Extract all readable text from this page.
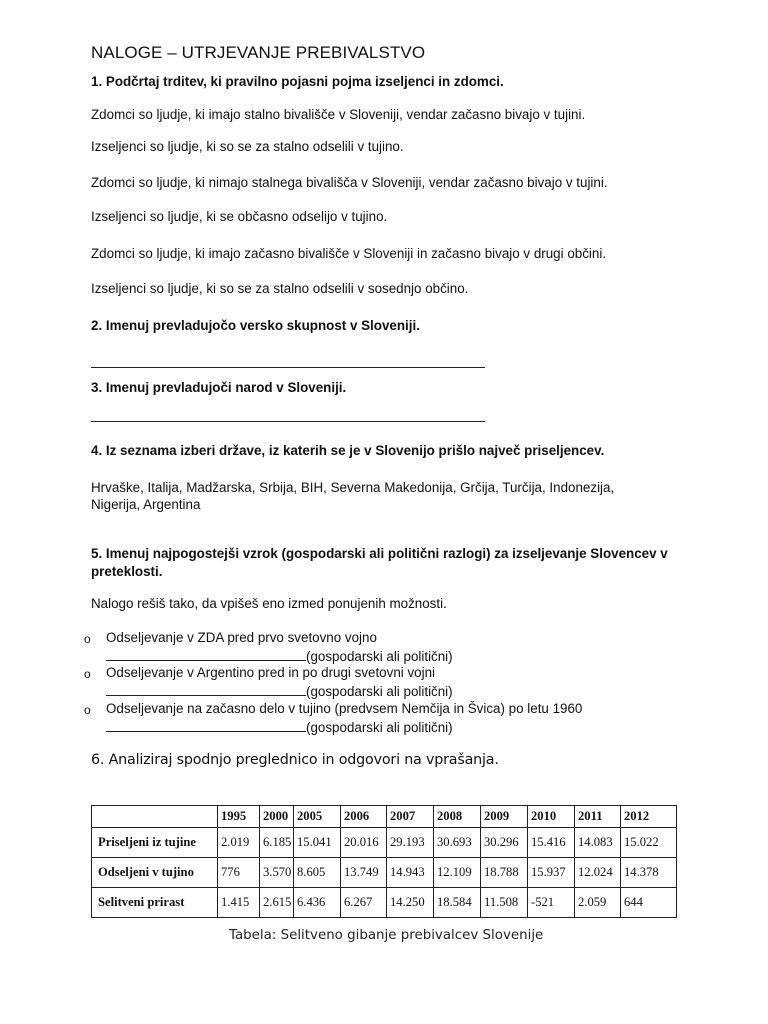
NALOGE – UTRJEVANJE PREBIVALSTVO
1. Podčrtaj trditev, ki pravilno pojasni pojma izseljenci in zdomci.
Zdomci so ljudje, ki imajo stalno bivališče v Sloveniji, vendar začasno bivajo v tujini.
Izseljenci so ljudje, ki so se za stalno odselili v tujino.
Zdomci so ljudje, ki nimajo stalnega bivališča v Sloveniji, vendar začasno bivajo v tujini.
Izseljenci so ljudje, ki se občasno odselijo v tujino.
Zdomci so ljudje, ki imajo začasno bivališče v Sloveniji in začasno bivajo v drugi občini.
Izseljenci so ljudje, ki so se za stalno odselili v sosednjo občino.
2. Imenuj prevladujočo versko skupnost v Sloveniji.
3. Imenuj prevladujoči narod v Sloveniji.
4. Iz seznama izberi države, iz katerih se je v Slovenijo prišlo največ priseljencev.
Hrvaške, Italija, Madžarska, Srbija, BIH, Severna Makedonija, Grčija, Turčija, Indonezija,
Nigerija, Argentina
5. Imenuj najpogostejši vzrok (gospodarski ali politični razlogi) za izseljevanje Slovencev v
preteklosti.
Nalogo rešiš tako, da vpišeš eno izmed ponujenih možnosti.
o Odseljevanje v ZDA pred prvo svetovno vojno
(gospodarski ali politični)
o Odseljevanje v Argentino pred in po drugi svetovni vojni
(gospodarski ali politični)
o Odseljevanje na začasno delo v tujino (predvsem Nemčija in Švica) po letu 1960
(gospodarski ali politični)
6. Analiziraj spodnjo preglednico in odgovori na vprašanja.
	1995	2000	2005	2006	2007	2008	2009	2010	2011	2012
Priseljeni iz tujine	2.019	6.185	15.041	20.016	29.193	30.693	30.296	15.416	14.083	15.022
Odseljeni v tujino	776	3.570	8.605	13.749	14.943	12.109	18.788	15.937	12.024	14.378
Selitveni prirast	1.415	2.615	6.436	6.267	14.250	18.584	11.508	-521	2.059	644
Tabela: Selitveno gibanje prebivalcev Slovenije
